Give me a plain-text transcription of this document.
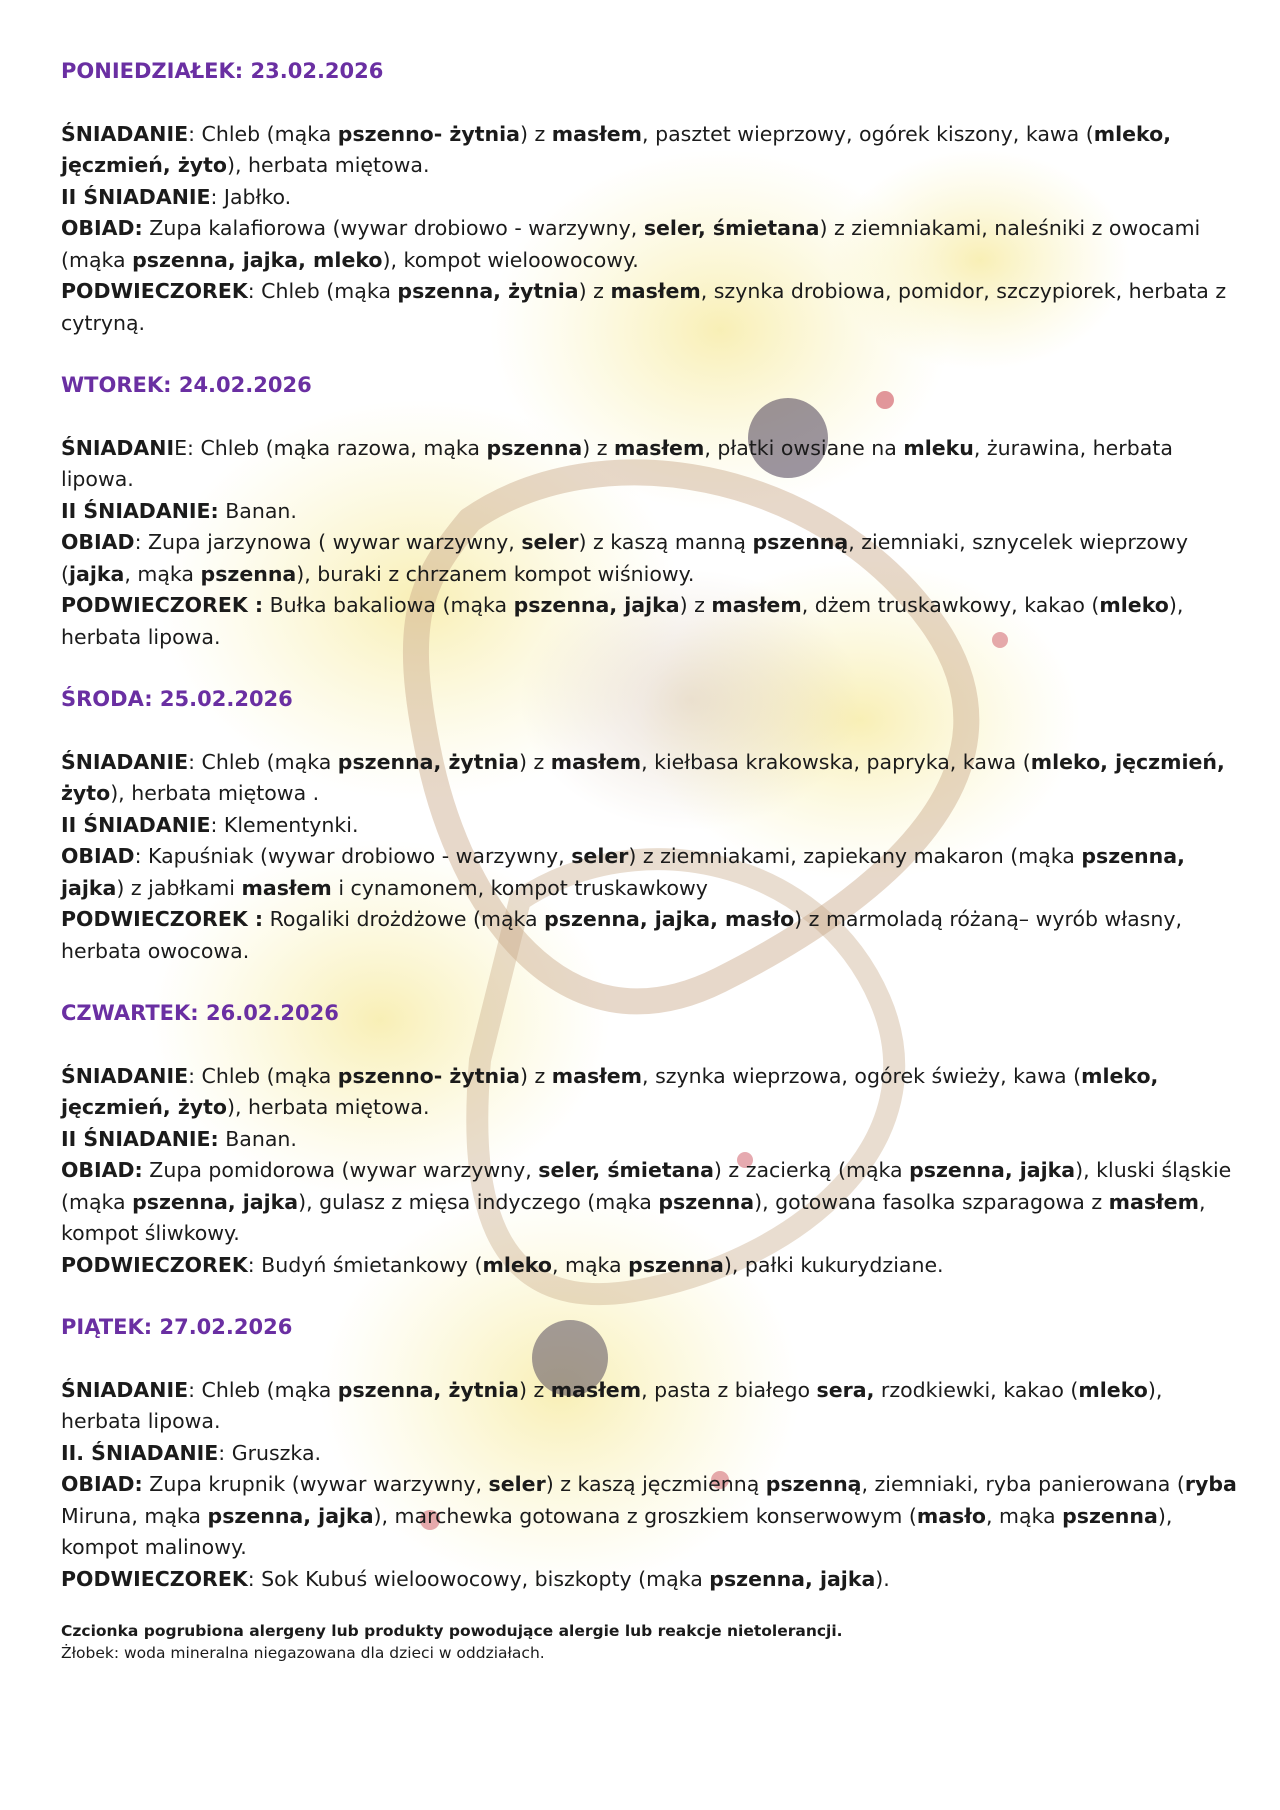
PONIEDZIAŁEK: 23.02.2026
ŚNIADANIE: Chleb (mąka pszenno- żytnia) z masłem, pasztet wieprzowy, ogórek kiszony, kawa (mleko, jęczmień, żyto), herbata miętowa.
II ŚNIADANIE: Jabłko.
OBIAD: Zupa kalafiorowa (wywar drobiowo - warzywny, seler, śmietana) z ziemniakami, naleśniki z owocami (mąka pszenna, jajka, mleko), kompot wieloowocowy.
PODWIECZOREK: Chleb (mąka pszenna, żytnia) z masłem, szynka drobiowa, pomidor, szczypiorek, herbata z cytryną.
WTOREK: 24.02.2026
ŚNIADANIE: Chleb (mąka razowa, mąka pszenna) z masłem, płatki owsiane na mleku, żurawina, herbata lipowa.
II ŚNIADANIE: Banan.
OBIAD: Zupa jarzynowa ( wywar warzywny, seler) z kaszą manną pszenną, ziemniaki, sznycelek wieprzowy (jajka, mąka pszenna), buraki z chrzanem kompot wiśniowy.
PODWIECZOREK : Bułka bakaliowa (mąka pszenna, jajka) z masłem, dżem truskawkowy, kakao (mleko), herbata lipowa.
ŚRODA: 25.02.2026
ŚNIADANIE: Chleb (mąka pszenna, żytnia) z masłem, kiełbasa krakowska, papryka, kawa (mleko, jęczmień, żyto), herbata miętowa .
II ŚNIADANIE: Klementynki.
OBIAD: Kapuśniak (wywar drobiowo - warzywny, seler) z ziemniakami, zapiekany makaron (mąka pszenna, jajka) z jabłkami masłem i cynamonem, kompot truskawkowy
PODWIECZOREK : Rogaliki drożdżowe (mąka pszenna, jajka, masło) z marmoladą różaną– wyrób własny, herbata owocowa.
CZWARTEK: 26.02.2026
ŚNIADANIE: Chleb (mąka pszenno- żytnia) z masłem, szynka wieprzowa, ogórek świeży, kawa (mleko, jęczmień, żyto), herbata miętowa.
II ŚNIADANIE: Banan.
OBIAD: Zupa pomidorowa (wywar warzywny, seler, śmietana) z zacierką (mąka pszenna, jajka), kluski śląskie (mąka pszenna, jajka), gulasz z mięsa indyczego (mąka pszenna), gotowana fasolka szparagowa z masłem, kompot śliwkowy.
PODWIECZOREK: Budyń śmietankowy (mleko, mąka pszenna), pałki kukurydziane.
PIĄTEK: 27.02.2026
ŚNIADANIE: Chleb (mąka pszenna, żytnia) z masłem, pasta z białego sera, rzodkiewki, kakao (mleko), herbata lipowa.
II. ŚNIADANIE: Gruszka.
OBIAD: Zupa krupnik (wywar warzywny, seler) z kaszą jęczmienną pszenną, ziemniaki, ryba panierowana (ryba Miruna, mąka pszenna, jajka), marchewka gotowana z groszkiem konserwowym (masło, mąka pszenna), kompot malinowy.
PODWIECZOREK: Sok Kubuś wieloowocowy, biszkopty (mąka pszenna, jajka).
Czcionka pogrubiona alergeny lub produkty powodujące alergie lub reakcje nietolerancji.
Żłobek: woda mineralna niegazowana dla dzieci w oddziałach.
